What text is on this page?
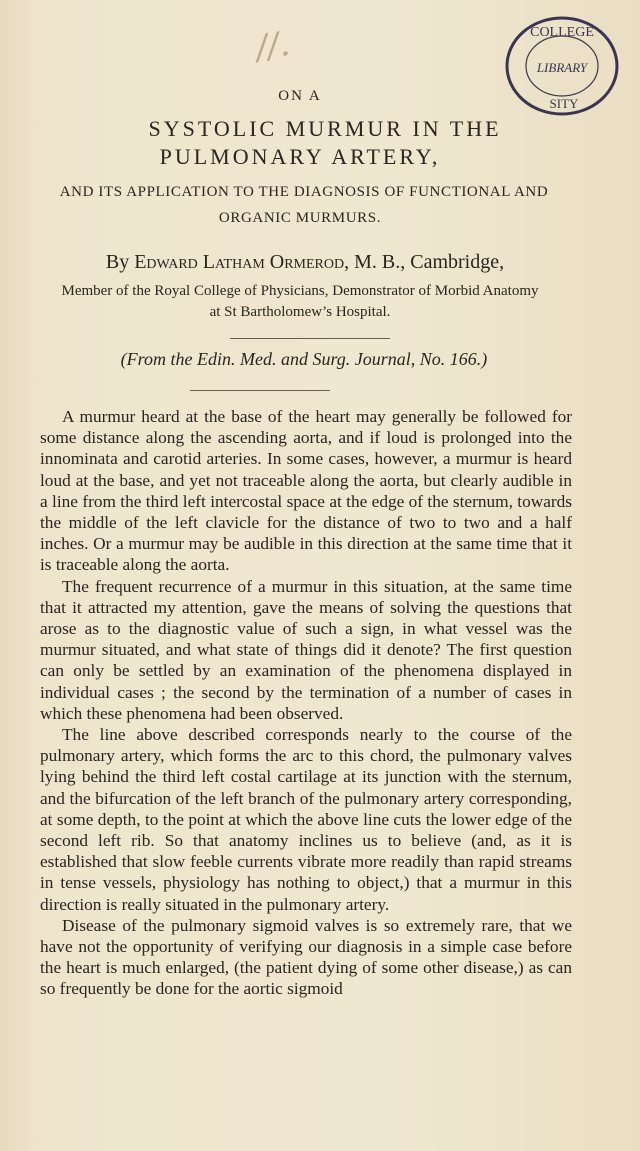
//.	COLLEGE
LIBRARY
SITY
ON A
SYSTOLIC MURMUR IN THE
PULMONARY ARTERY,
AND ITS APPLICATION TO THE DIAGNOSIS OF FUNCTIONAL AND
ORGANIC MURMURS.
By Edward Latham Ormerod, M. B., Cambridge,
Member of the Royal College of Physicians, Demonstrator of Morbid Anatomy
at St Bartholomew’s Hospital.
(From the Edin. Med. and Surg. Journal, No. 166.)

A murmur heard at the base of the heart may generally be followed for some distance along the ascending aorta, and if loud is prolonged into the innominata and carotid arteries. In some cases, however, a murmur is heard loud at the base, and yet not traceable along the aorta, but clearly audible in a line from the third left intercostal space at the edge of the sternum, towards the middle of the left clavicle for the distance of two to two and a half inches. Or a murmur may be audible in this direction at the same time that it is traceable along the aorta.

The frequent recurrence of a murmur in this situation, at the same time that it attracted my attention, gave the means of solving the questions that arose as to the diagnostic value of such a sign, in what vessel was the murmur situated, and what state of things did it denote? The first question can only be settled by an examination of the phenomena displayed in individual cases ; the second by the termination of a number of cases in which these phenomena had been observed.

The line above described corresponds nearly to the course of the pulmonary artery, which forms the arc to this chord, the pulmonary valves lying behind the third left costal cartilage at its junction with the sternum, and the bifurcation of the left branch of the pulmonary artery corresponding, at some depth, to the point at which the above line cuts the lower edge of the second left rib. So that anatomy inclines us to believe (and, as it is established that slow feeble currents vibrate more readily than rapid streams in tense vessels, physiology has nothing to object,) that a murmur in this direction is really situated in the pulmonary artery.

Disease of the pulmonary sigmoid valves is so extremely rare, that we have not the opportunity of verifying our diagnosis in a simple case before the heart is much enlarged, (the patient dying of some other disease,) as can so frequently be done for the aortic sigmoid
